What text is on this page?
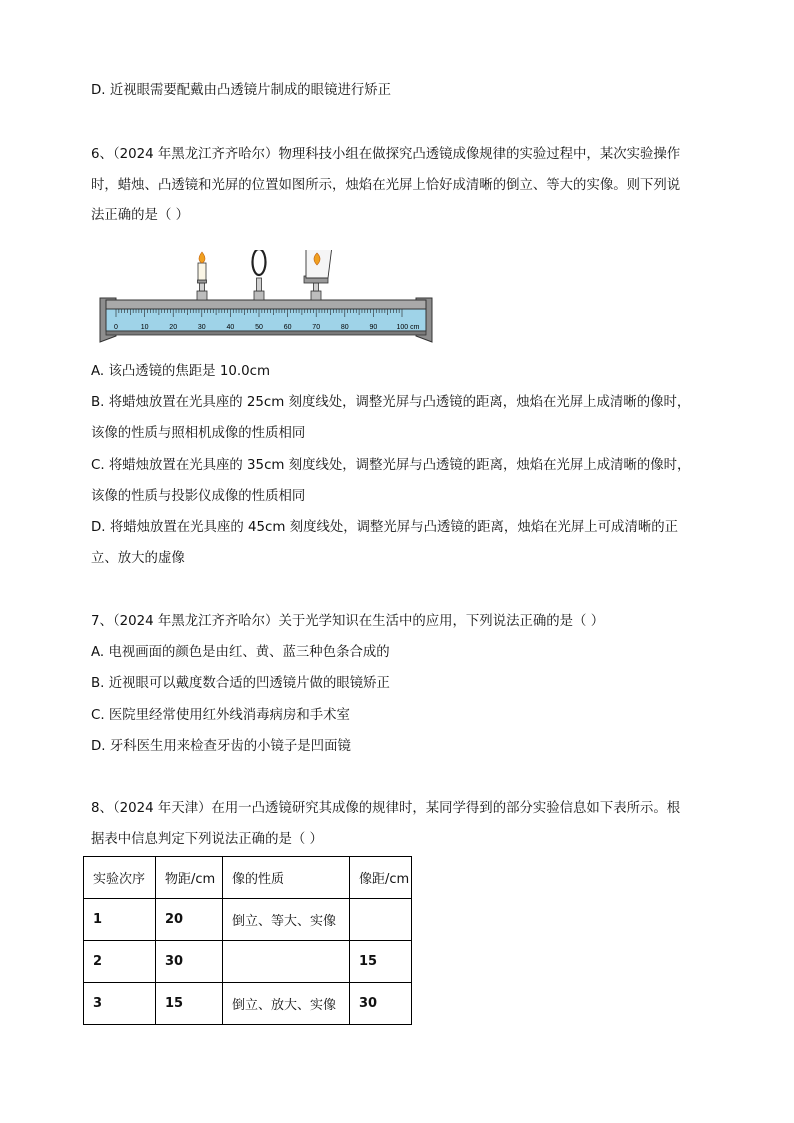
D. 近视眼需要配戴由凸透镜片制成的眼镜进行矫正
6、（2024 年黑龙江齐齐哈尔）物理科技小组在做探究凸透镜成像规律的实验过程中，某次实验操作
时，蜡烛、凸透镜和光屏的位置如图所示，烛焰在光屏上恰好成清晰的倒立、等大的实像。则下列说
法正确的是（ ）
0	10	20	30	40	50	60	70	80	90	100 cm
A. 该凸透镜的焦距是 10.0cm
B. 将蜡烛放置在光具座的 25cm 刻度线处，调整光屏与凸透镜的距离，烛焰在光屏上成清晰的像时，
该像的性质与照相机成像的性质相同
C. 将蜡烛放置在光具座的 35cm 刻度线处，调整光屏与凸透镜的距离，烛焰在光屏上成清晰的像时，
该像的性质与投影仪成像的性质相同
D. 将蜡烛放置在光具座的 45cm 刻度线处，调整光屏与凸透镜的距离，烛焰在光屏上可成清晰的正
立、放大的虚像
7、（2024 年黑龙江齐齐哈尔）关于光学知识在生活中的应用，下列说法正确的是（ ）
A. 电视画面的颜色是由红、黄、蓝三种色条合成的
B. 近视眼可以戴度数合适的凹透镜片做的眼镜矫正
C. 医院里经常使用红外线消毒病房和手术室
D. 牙科医生用来检查牙齿的小镜子是凹面镜
8、（2024 年天津）在用一凸透镜研究其成像的规律时，某同学得到的部分实验信息如下表所示。根
据表中信息判定下列说法正确的是（ ）
实验次序	物距/cm	像的性质	像距/cm
1	20	倒立、等大、实像	
2	30		15
3	15	倒立、放大、实像	30
